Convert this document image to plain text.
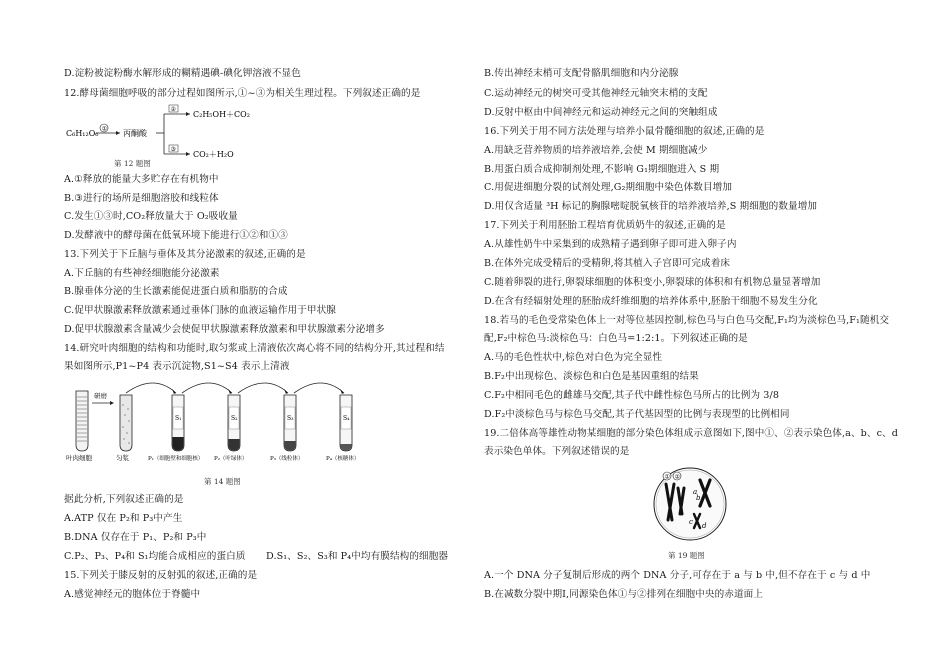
D.淀粉被淀粉酶水解形成的糊精遇碘-碘化钾溶液不显色
12.酵母菌细胞呼吸的部分过程如图所示,①~③为相关生理过程。下列叙述正确的是
C₆H₁₂O₆ ① 丙酮酸
②
③
C₂H₅OH＋CO₂
CO₂＋H₂O
第 12 题图
A.①释放的能量大多贮存在有机物中
B.③进行的场所是细胞溶胶和线粒体
C.发生①③时,CO₂释放量大于 O₂吸收量
D.发酵液中的酵母菌在低氧环境下能进行①②和①③
13.下列关于下丘脑与垂体及其分泌激素的叙述,正确的是
A.下丘脑的有些神经细胞能分泌激素
B.腺垂体分泌的生长激素能促进蛋白质和脂肪的合成
C.促甲状腺激素释放激素通过垂体门脉的血液运输作用于甲状腺
D.促甲状腺激素含量减少会使促甲状腺激素释放激素和甲状腺激素分泌增多
14.研究叶肉细胞的结构和功能时,取匀浆或上清液依次离心将不同的结构分开,其过程和结
果如图所示,P1~P4 表示沉淀物,S1~S4 表示上清液
叶肉细胞
研磨
匀浆
S₁	S₂	S₃	S₄
P₁（细胞壁和细胞核） P₂（叶绿体）	P₃（线粒体）	P₄（核糖体）
第 14 题图
据此分析,下列叙述正确的是
A.ATP 仅在 P₂和 P₃中产生
B.DNA 仅存在于 P₁、P₂和 P₃中
C.P₂、P₃、P₄和 S₁均能合成相应的蛋白质 D.S₁、S₂、S₃和 P₄中均有膜结构的细胞器
15.下列关于膝反射的反射弧的叙述,正确的是
A.感觉神经元的胞体位于脊髓中
B.传出神经末梢可支配骨骼肌细胞和内分泌腺
C.运动神经元的树突可受其他神经元轴突末梢的支配
D.反射中枢由中间神经元和运动神经元之间的突触组成
16.下列关于用不同方法处理与培养小鼠骨髓细胞的叙述,正确的是
A.用缺乏营养物质的培养液培养,会使 M 期细胞减少
B.用蛋白质合成抑制剂处理,不影响 G₁期细胞进入 S 期
C.用促进细胞分裂的试剂处理,G₂期细胞中染色体数目增加
D.用仅含适量 ³H 标记的胸腺嘧啶脱氧核苷的培养液培养,S 期细胞的数量增加
17.下列关于利用胚胎工程培育优质奶牛的叙述,正确的是
A.从雄性奶牛中采集到的成熟精子遇到卵子即可进入卵子内
B.在体外完成受精后的受精卵,将其植入子宫即可完成着床
C.随着卵裂的进行,卵裂球细胞的体积变小,卵裂球的体积和有机物总量显著增加
D.在含有经辐射处理的胚胎成纤维细胞的培养体系中,胚胎干细胞不易发生分化
18.若马的毛色受常染色体上一对等位基因控制,棕色马与白色马交配,F₁均为淡棕色马,F₁随机交
配,F₂中棕色马:淡棕色马：白色马=1:2:1。下列叙述正确的是
A.马的毛色性状中,棕色对白色为完全显性
B.F₂中出现棕色、淡棕色和白色是基因重组的结果
C.F₂中相同毛色的雌雄马交配,其子代中雌性棕色马所占的比例为 3/8
D.F₂中淡棕色马与棕色马交配,其子代基因型的比例与表现型的比例相同
19.二倍体高等雄性动物某细胞的部分染色体组成示意图如下,图中①、②表示染色体,a、b、c、d
表示染色单体。下列叙述错误的是
① ②
a
b
c d
第 19 题图
A.一个 DNA 分子复制后形成的两个 DNA 分子,可存在于 a 与 b 中,但不存在于 c 与 d 中
B.在减数分裂中期Ⅰ,同源染色体①与②排列在细胞中央的赤道面上
